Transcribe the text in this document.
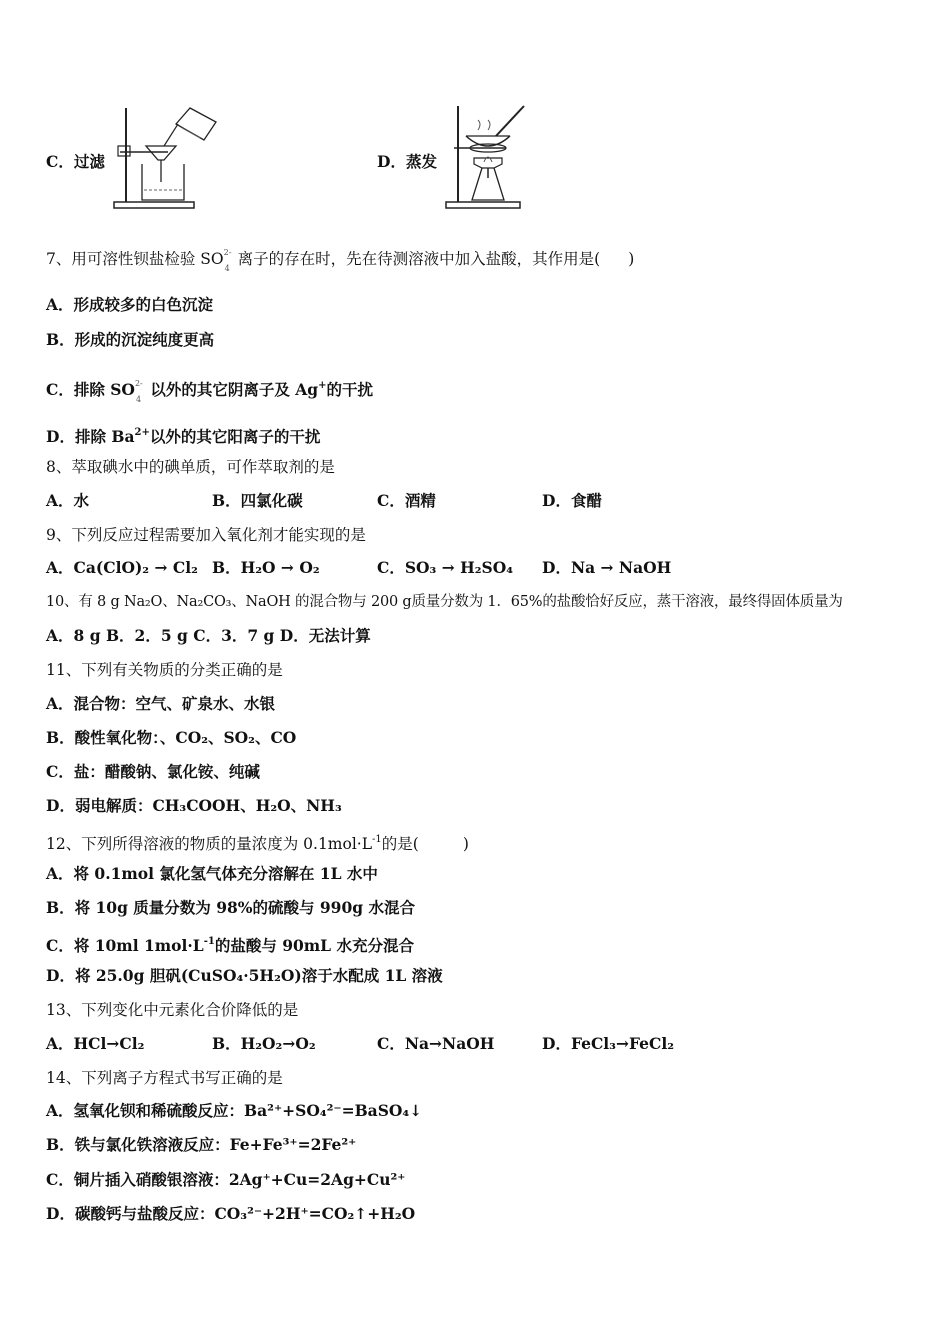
C．过滤	D．蒸发
7、用可溶性钡盐检验 SO 2-
4
离子的存在时，先在待测溶液中加入盐酸，其作用是( )
A．形成较多的白色沉淀
B．形成的沉淀纯度更高
C．排除 SO 2-
4
以外的其它阴离子及 Ag+的干扰
D．排除 $Ba^{2+}$以外的其它阳离子的干扰
8、萃取碘水中的碘单质，可作萃取剂的是
A．水	B．四氯化碳	C．酒精	D．食醋
9、下列反应过程需要加入氧化剂才能实现的是
A．Ca(ClO)₂ → Cl₂ B．H₂O → O₂	C．SO₃ → H₂SO₄ D．Na → NaOH
10、有 8 g Na₂O、Na₂CO₃、NaOH 的混合物与 200 g质量分数为 1．65%的盐酸恰好反应，蒸干溶液，最终得固体质量为
A．8 g B．2．5 g C．3．7 g D．无法计算
11、下列有关物质的分类正确的是
A．混合物：空气、矿泉水、水银
B．酸性氧化物：、CO₂、SO₂、CO
C．盐：醋酸钠、氯化铵、纯碱
D．弱电解质：CH₃COOH、H₂O、NH₃
12、下列所得溶液的物质的量浓度为 $0.1mol\cdot L^{-1}$的是(	)
A．将 0.1mol 氯化氢气体充分溶解在 1L 水中
B．将 10g 质量分数为 98%的硫酸与 990g 水混合
C．将 10ml $1mol\cdot L^{-1}$的盐酸与 90mL 水充分混合
D．将 25.0g 胆矾(CuSO₄·5H₂O)溶于水配成 1L 溶液
13、下列变化中元素化合价降低的是
A．HCl→Cl₂	B．H₂O₂→O₂	C．Na→NaOH	D．FeCl₃→FeCl₂
14、下列离子方程式书写正确的是
A．氢氧化钡和稀硫酸反应：Ba²⁺+SO₄²⁻=BaSO₄↓
B．铁与氯化铁溶液反应：Fe+Fe³⁺=2Fe²⁺
C．铜片插入硝酸银溶液：2Ag⁺+Cu=2Ag+Cu²⁺
D．碳酸钙与盐酸反应：CO₃²⁻+2H⁺=CO₂↑+H₂O
